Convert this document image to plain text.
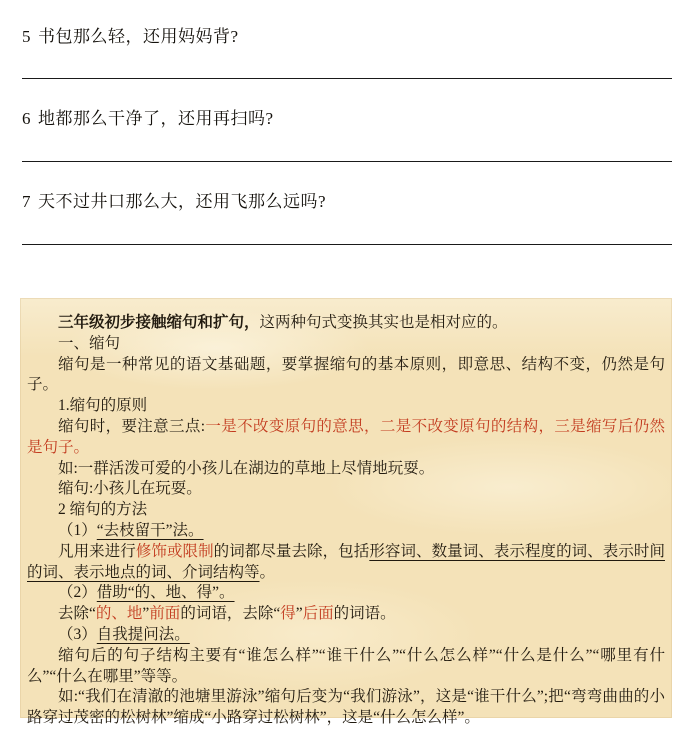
5 书包那么轻，还用妈妈背?
6 地都那么干净了，还用再扫吗?
7 天不过井口那么大，还用飞那么远吗?

三年级初步接触缩句和扩句，这两种句式变换其实也是相对应的。

一、缩句

缩句是一种常见的语文基础题，要掌握缩句的基本原则，即意思、结构不变，仍然是句子。

1.缩句的原则

缩句时，要注意三点:一是不改变原句的意思，二是不改变原句的结构，三是缩写后仍然是句子。

如:一群活泼可爱的小孩儿在湖边的草地上尽情地玩耍。

缩句:小孩儿在玩耍。

2 缩句的方法

（1）“去枝留干”法。

凡用来进行修饰或限制的词都尽量去除，包括形容词、数量词、表示程度的词、表示时间的词、表示地点的词、介词结构等。

（2）借助“的、地、得”。

去除“的、地”前面的词语，去除“得”后面的词语。

（3）自我提问法。

缩句后的句子结构主要有“谁怎么样”“谁干什么”“什么怎么样”“什么是什么”“哪里有什么”“什么在哪里”等等。

如:“我们在清澈的池塘里游泳”缩句后变为“我们游泳”，这是“谁干什么”;把“弯弯曲曲的小路穿过茂密的松树林”缩成“小路穿过松树林”，这是“什么怎么样”。
